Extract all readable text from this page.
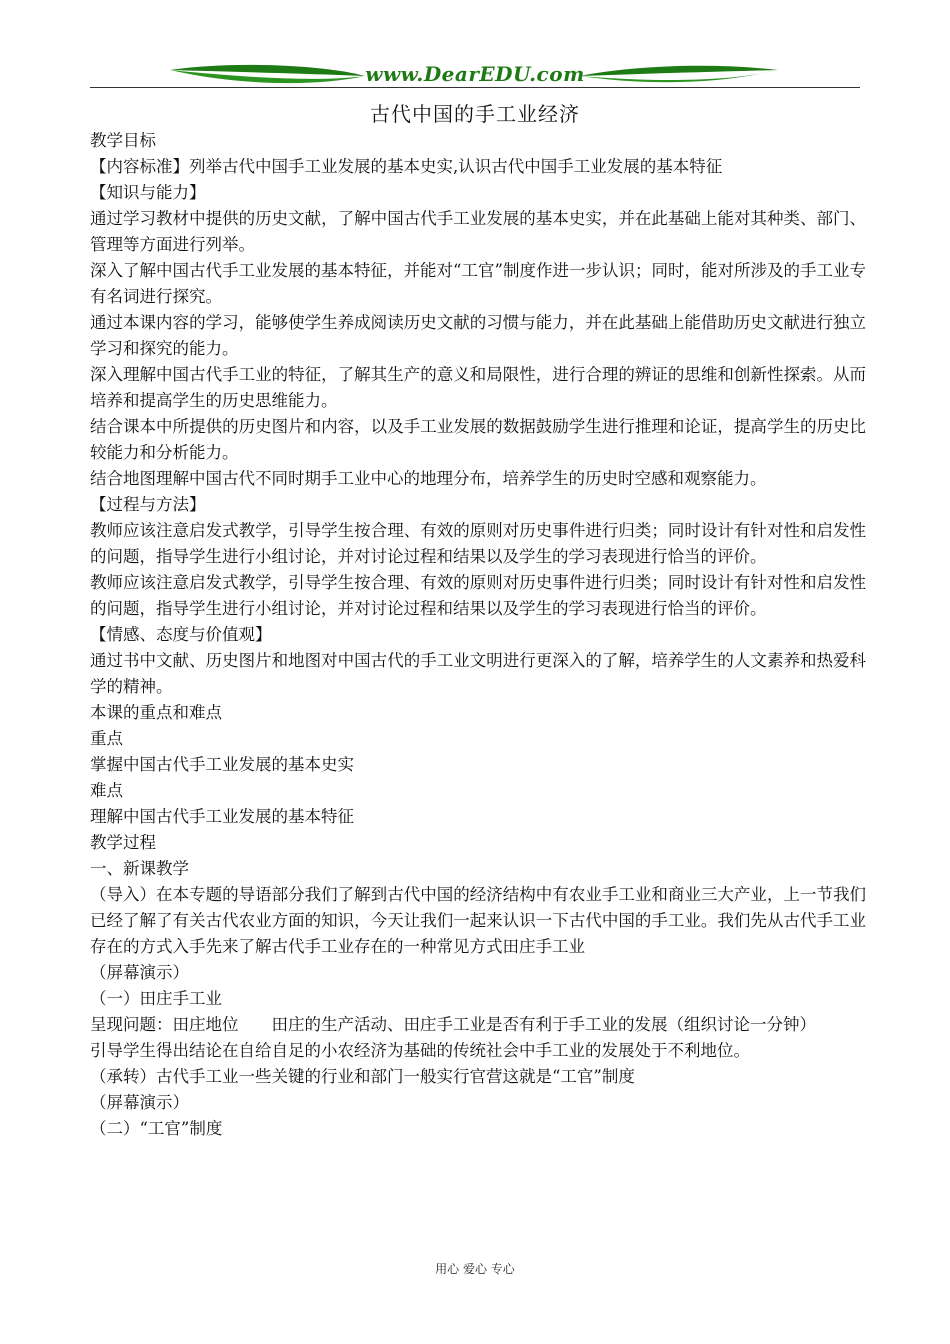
www.DearEDU.com
古代中国的手工业经济

教学目标

【内容标准】列举古代中国手工业发展的基本史实,认识古代中国手工业发展的基本特征

【知识与能力】

通过学习教材中提供的历史文献，了解中国古代手工业发展的基本史实，并在此基础上能对其种类、部门、管理等方面进行列举。

深入了解中国古代手工业发展的基本特征，并能对“工官”制度作进一步认识；同时，能对所涉及的手工业专有名词进行探究。

通过本课内容的学习，能够使学生养成阅读历史文献的习惯与能力，并在此基础上能借助历史文献进行独立学习和探究的能力。

深入理解中国古代手工业的特征，了解其生产的意义和局限性，进行合理的辨证的思维和创新性探索。从而培养和提高学生的历史思维能力。

结合课本中所提供的历史图片和内容，以及手工业发展的数据鼓励学生进行推理和论证，提高学生的历史比较能力和分析能力。

结合地图理解中国古代不同时期手工业中心的地理分布，培养学生的历史时空感和观察能力。

【过程与方法】

教师应该注意启发式教学，引导学生按合理、有效的原则对历史事件进行归类；同时设计有针对性和启发性的问题，指导学生进行小组讨论，并对讨论过程和结果以及学生的学习表现进行恰当的评价。

教师应该注意启发式教学，引导学生按合理、有效的原则对历史事件进行归类；同时设计有针对性和启发性的问题，指导学生进行小组讨论，并对讨论过程和结果以及学生的学习表现进行恰当的评价。

【情感、态度与价值观】

通过书中文献、历史图片和地图对中国古代的手工业文明进行更深入的了解，培养学生的人文素养和热爱科学的精神。

本课的重点和难点

重点

掌握中国古代手工业发展的基本史实

难点

理解中国古代手工业发展的基本特征

教学过程

一、新课教学

（导入）在本专题的导语部分我们了解到古代中国的经济结构中有农业手工业和商业三大产业，上一节我们已经了解了有关古代农业方面的知识，今天让我们一起来认识一下古代中国的手工业。我们先从古代手工业存在的方式入手先来了解古代手工业存在的一种常见方式田庄手工业

（屏幕演示）

（一）田庄手工业

呈现问题：田庄地位　　田庄的生产活动、田庄手工业是否有利于手工业的发展（组织讨论一分钟）

引导学生得出结论在自给自足的小农经济为基础的传统社会中手工业的发展处于不利地位。

（承转）古代手工业一些关键的行业和部门一般实行官营这就是“工官”制度

（屏幕演示）

（二）“工官”制度

用心 爱心 专心
